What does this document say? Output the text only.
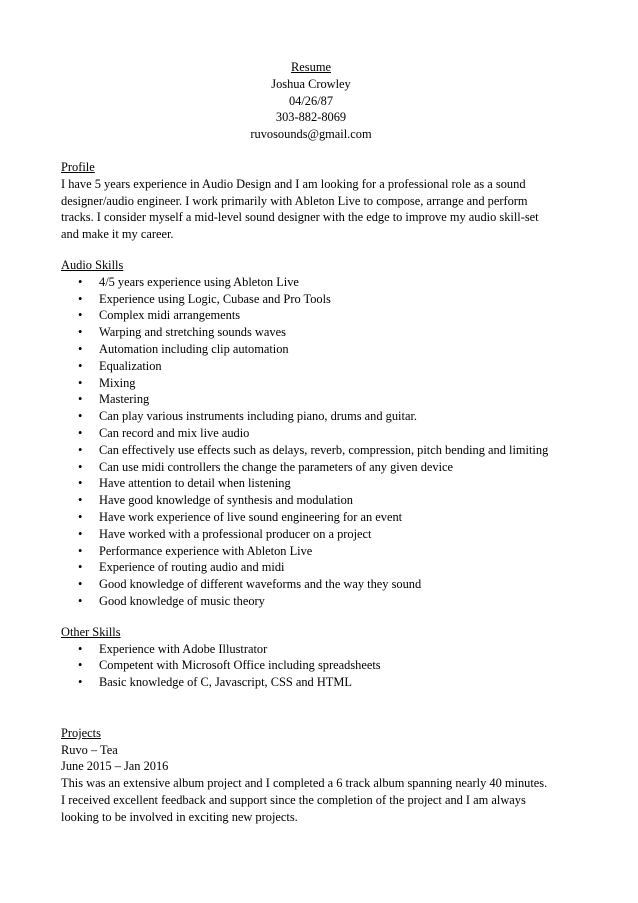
Resume
Joshua Crowley
04/26/87
303-882-8069
ruvosounds@gmail.com
Profile
I have 5 years experience in Audio Design and I am looking for a professional role as a sound
designer/audio engineer. I work primarily with Ableton Live to compose, arrange and perform
tracks. I consider myself a mid-level sound designer with the edge to improve my audio skill-set
and make it my career.
Audio Skills
• 4/5 years experience using Ableton Live
• Experience using Logic, Cubase and Pro Tools
• Complex midi arrangements
• Warping and stretching sounds waves
• Automation including clip automation
• Equalization
• Mixing
• Mastering
• Can play various instruments including piano, drums and guitar.
• Can record and mix live audio
• Can effectively use effects such as delays, reverb, compression, pitch bending and limiting
• Can use midi controllers the change the parameters of any given device
• Have attention to detail when listening
• Have good knowledge of synthesis and modulation
• Have work experience of live sound engineering for an event
• Have worked with a professional producer on a project
• Performance experience with Ableton Live
• Experience of routing audio and midi
• Good knowledge of different waveforms and the way they sound
• Good knowledge of music theory
Other Skills
• Experience with Adobe Illustrator
• Competent with Microsoft Office including spreadsheets
• Basic knowledge of C, Javascript, CSS and HTML
Projects
Ruvo – Tea
June 2015 – Jan 2016
This was an extensive album project and I completed a 6 track album spanning nearly 40 minutes.
I received excellent feedback and support since the completion of the project and I am always
looking to be involved in exciting new projects.
